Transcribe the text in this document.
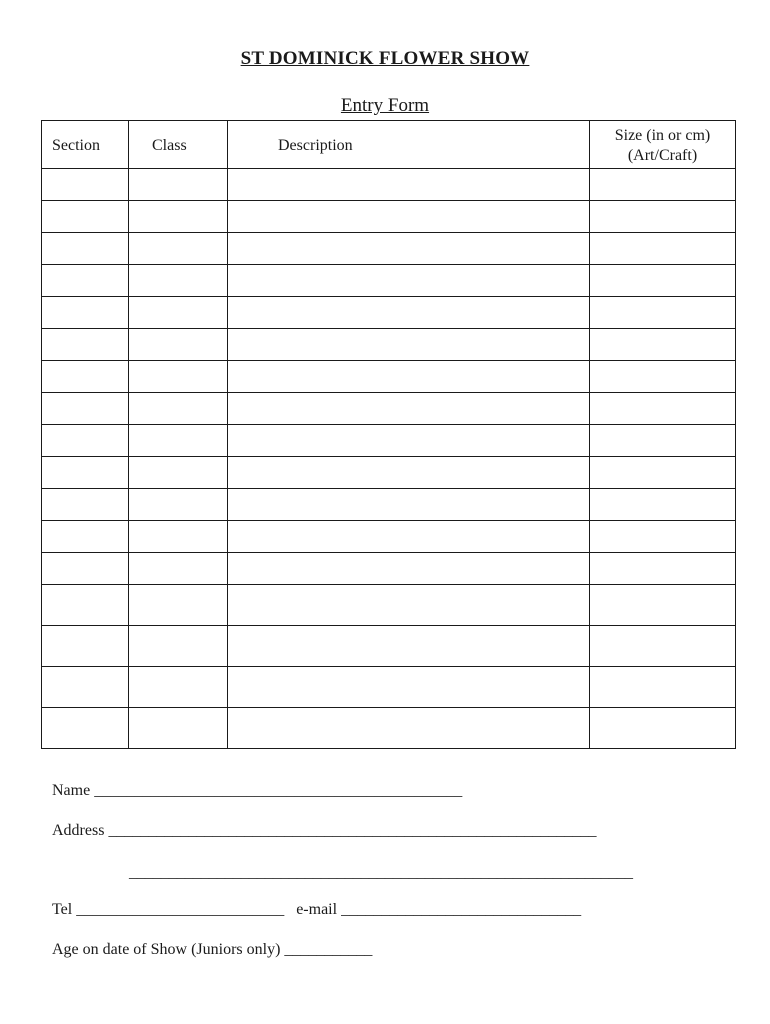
ST DOMINICK FLOWER SHOW
Entry Form
Section	Class	Description	Size (in or cm)
(Art/Craft)

Name ______________________________________________
Address _____________________________________________________________
_______________________________________________________________
Tel __________________________   e-mail ______________________________
Age on date of Show (Juniors only) ___________
